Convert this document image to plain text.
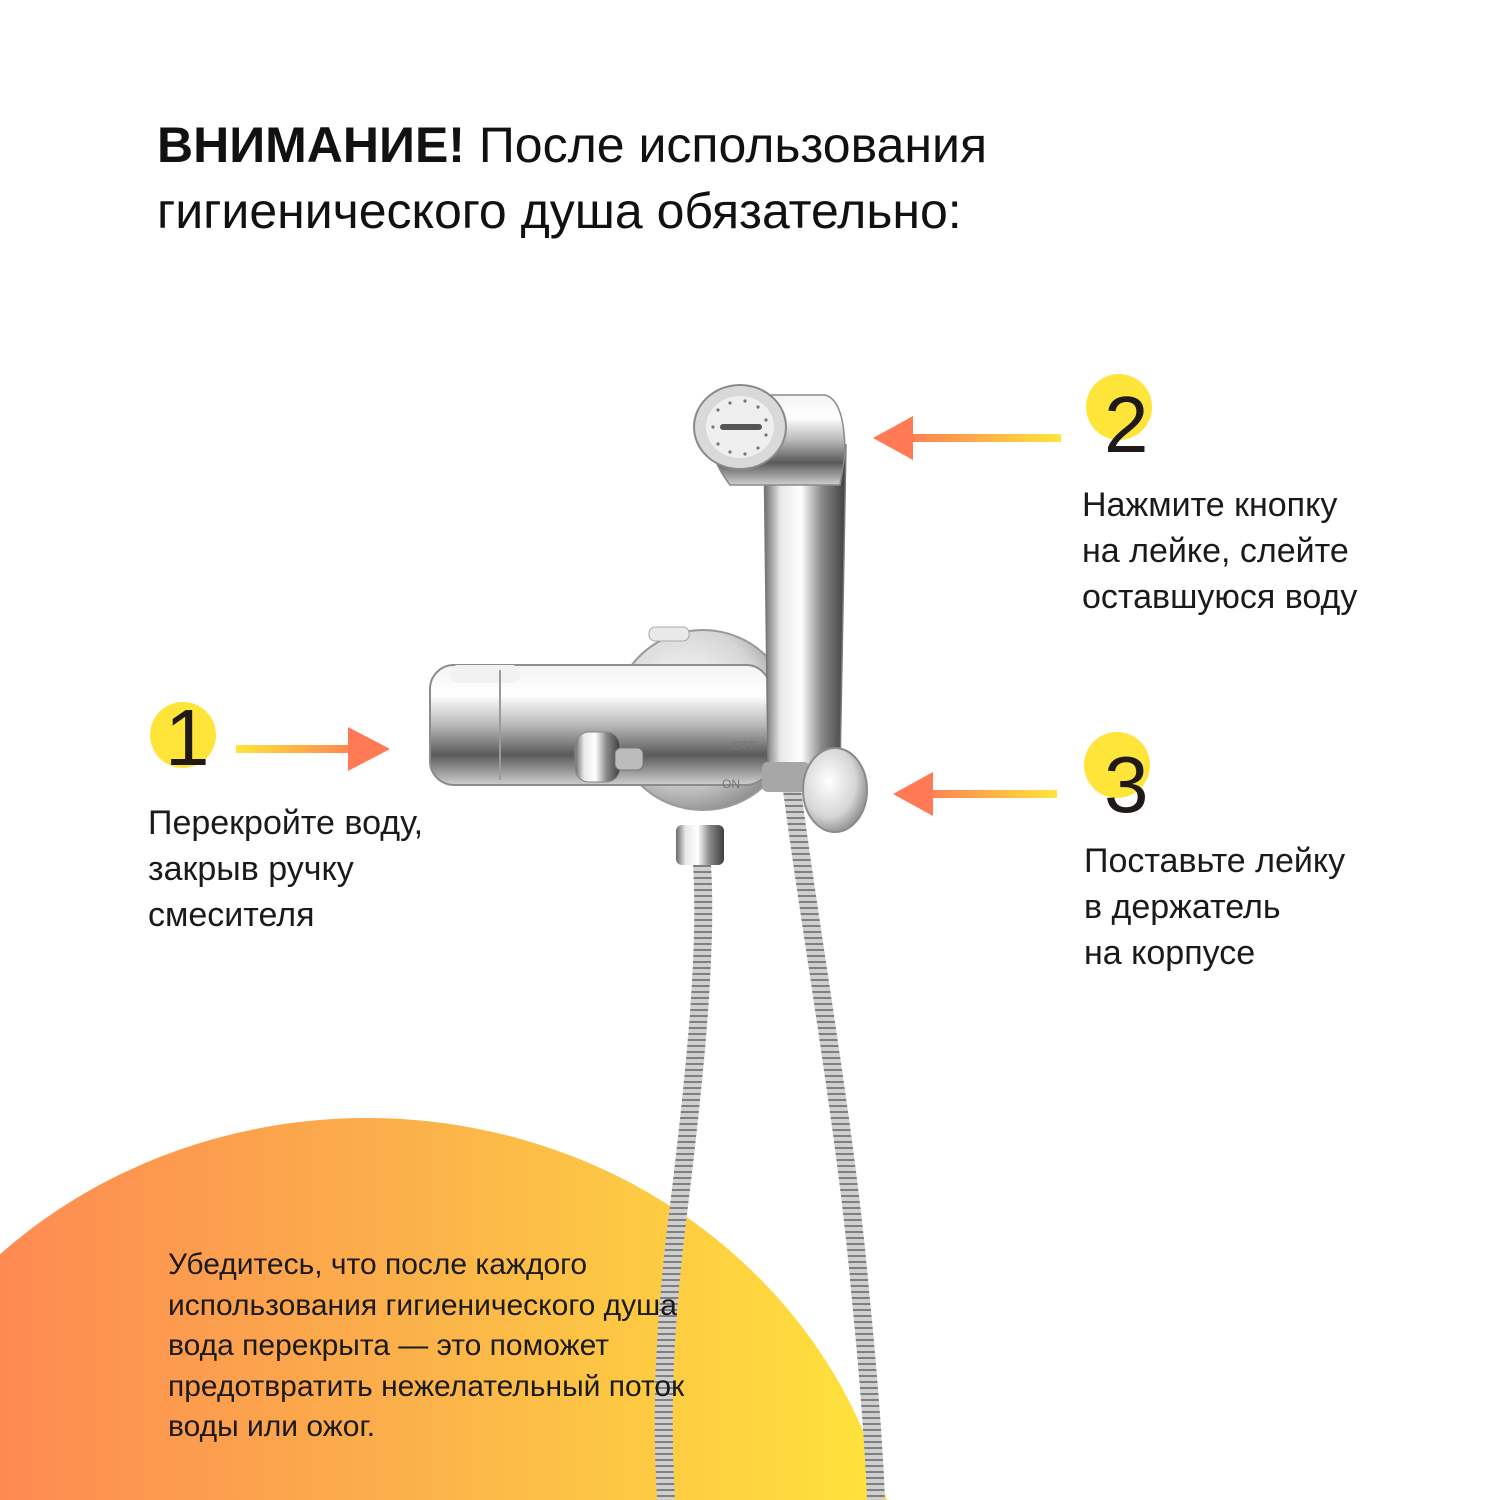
ВНИМАНИЕ! После использования
гигиенического душа обязательно:
OFF
ON
1

Перекройте воду,
закрыв ручку
смесителя

2

Нажмите кнопку
на лейке, слейте
оставшуюся воду

3

Поставьте лейку
в держатель
на корпусе

Убедитесь, что после каждого
использования гигиенического душа
вода перекрыта — это поможет
предотвратить нежелательный поток
воды или ожог.
